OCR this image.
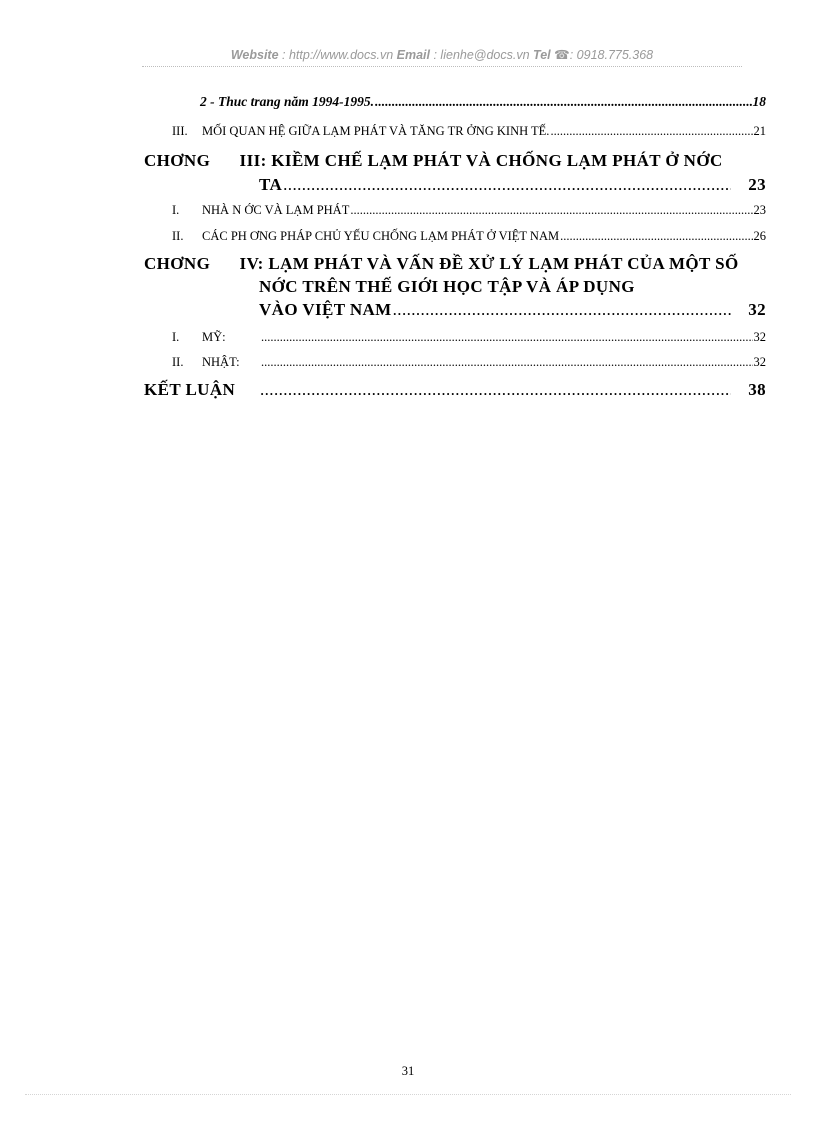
Website : http://www.docs.vn Email : lienhe@docs.vn Tel ☎: 0918.775.368
2 - Thuc trang năm 1994-1995. .....	18
III.	MỐI QUAN HỆ GIỮA LẠM PHÁT VÀ TĂNG TR ỞNG KINH TẾ. .....	21
CHƠNG III: KIỀM CHẾ LẠM PHÁT VÀ CHỐNG LẠM PHÁT Ở NỚC
TA .....	23
I.	NHÀ N ỚC VÀ LẠM PHÁT .....	23
II.	CÁC PH ƠNG PHÁP CHỦ YẾU CHỐNG LẠM PHÁT Ở VIỆT NAM .....	26
CHƠNG IV: LẠM PHÁT VÀ VẤN ĐỀ XỬ LÝ LẠM PHÁT CỦA MỘT SỐ
NỚC TRÊN THẾ GIỚI HỌC TẬP VÀ ÁP DỤNG
VÀO VIỆT NAM .....	32
I.	MỸ: .....	32
II.	NHẬT: .....	32
KẾT LUẬN .....	38
31
